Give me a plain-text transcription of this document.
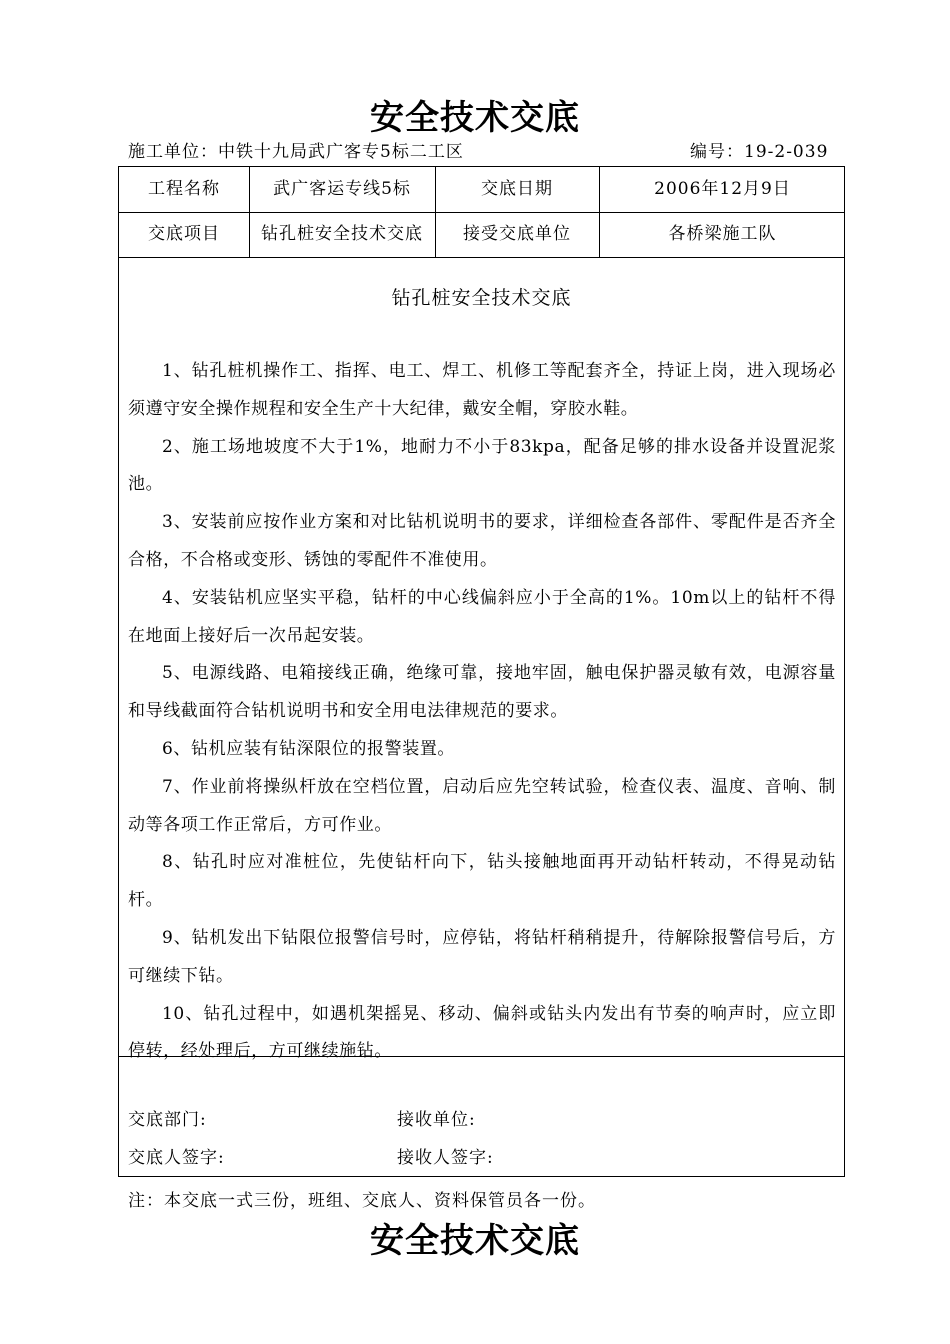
安全技术交底
施工单位：中铁十九局武广客专5标二工区	编号：19-2-039
工程名称	武广客运专线5标	交底日期	2006年12月9日
交底项目	钻孔桩安全技术交底	接受交底单位	各桥梁施工队
钻孔桩安全技术交底

1、钻孔桩机操作工、指挥、电工、焊工、机修工等配套齐全，持证上岗，进入现场必须遵守安全操作规程和安全生产十大纪律，戴安全帽，穿胶水鞋。

2、施工场地坡度不大于1%，地耐力不小于83kpa，配备足够的排水设备并设置泥浆池。

3、安装前应按作业方案和对比钻机说明书的要求，详细检查各部件、零配件是否齐全合格，不合格或变形、锈蚀的零配件不准使用。

4、安装钻机应坚实平稳，钻杆的中心线偏斜应小于全高的1%。10m以上的钻杆不得在地面上接好后一次吊起安装。

5、电源线路、电箱接线正确，绝缘可靠，接地牢固，触电保护器灵敏有效，电源容量和导线截面符合钻机说明书和安全用电法律规范的要求。

6、钻机应装有钻深限位的报警装置。

7、作业前将操纵杆放在空档位置，启动后应先空转试验，检查仪表、温度、音响、制动等各项工作正常后，方可作业。

8、钻孔时应对准桩位，先使钻杆向下，钻头接触地面再开动钻杆转动，不得晃动钻杆。

9、钻机发出下钻限位报警信号时，应停钻，将钻杆稍稍提升，待解除报警信号后，方可继续下钻。

10、钻孔过程中，如遇机架摇晃、移动、偏斜或钻头内发出有节奏的响声时，应立即停转，经处理后，方可继续施钻。

交底部门:	接收单位:
交底人签字:	接收人签字:
注：本交底一式三份，班组、交底人、资料保管员各一份。
安全技术交底
